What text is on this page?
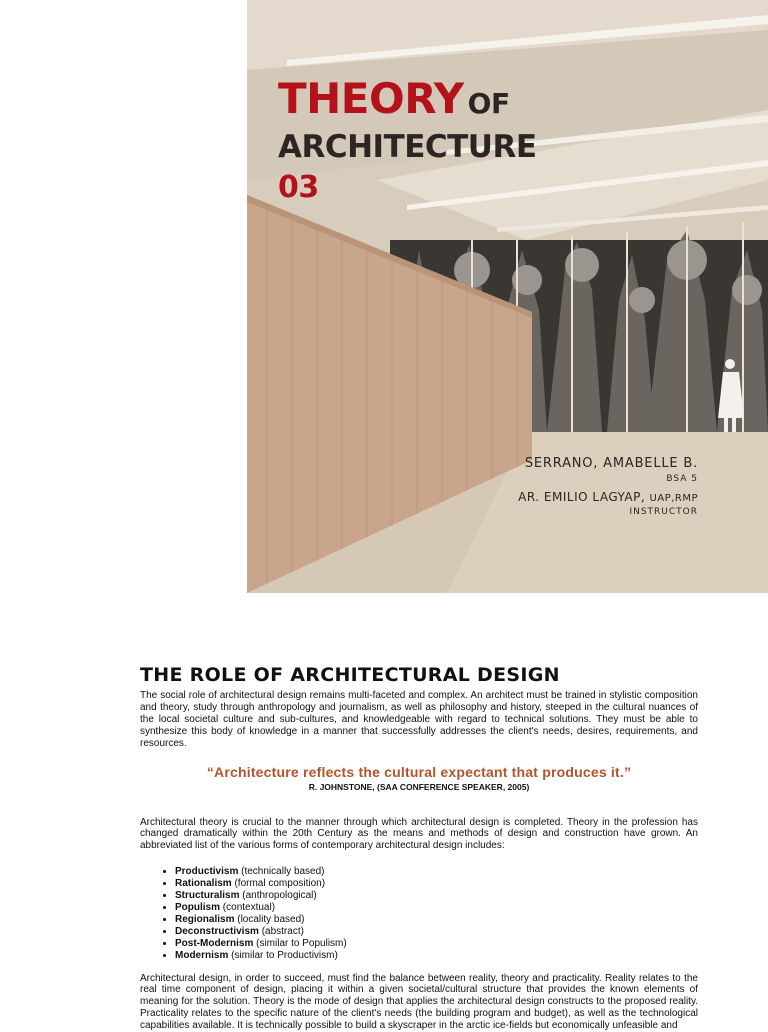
THEORY OF
ARCHITECTURE
03
SERRANO, AMABELLE B.
BSA 5
AR. EMILIO LAGYAP, UAP,RMP
INSTRUCTOR
THE ROLE OF ARCHITECTURAL DESIGN

The social role of architectural design remains multi-faceted and complex. An architect must be trained in stylistic composition and theory, study through anthropology and journalism, as well as philosophy and history, steeped in the cultural nuances of the local societal culture and sub-cultures, and knowledgeable with regard to technical solutions. They must be able to synthesize this body of knowledge in a manner that successfully addresses the client's needs, desires, requirements, and resources.

“Architecture reflects the cultural expectant that produces it.”
R. JOHNSTONE, (SAA CONFERENCE SPEAKER, 2005)

Architectural theory is crucial to the manner through which architectural design is completed. Theory in the profession has changed dramatically within the 20th Century as the means and methods of design and construction have grown. An abbreviated list of the various forms of contemporary architectural design includes:

• Productivism (technically based)
• Rationalism (formal composition)
• Structuralism (anthropological)
• Populism (contextual)
• Regionalism (locality based)
• Deconstructivism (abstract)
• Post-Modernism (similar to Populism)
• Modernism (similar to Productivism)

Architectural design, in order to succeed, must find the balance between reality, theory and practicality. Reality relates to the real time component of design, placing it within a given societal/cultural structure that provides the known elements of meaning for the solution. Theory is the mode of design that applies the architectural design constructs to the proposed reality. Practicality relates to the specific nature of the client's needs (the building program and budget), as well as the technological capabilities available. It is technically possible to build a skyscraper in the arctic ice-fields but economically unfeasible and
